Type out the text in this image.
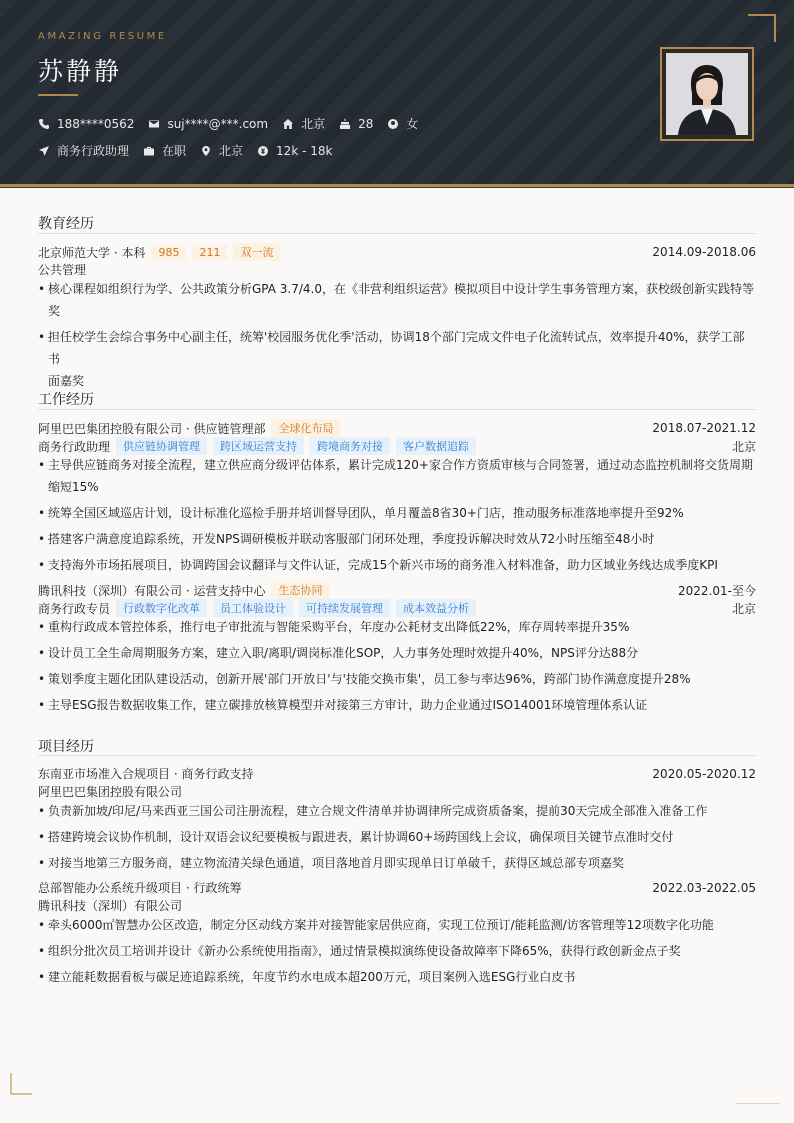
AMAZING RESUME
苏静静
188****0562	suj****@***.com	北京	28	女
商务行政助理	在职	北京	12k - 18k
教育经历
北京师范大学 · 本科	985	211	双一流	2014.09-2018.06
公共管理
• 核心课程如组织行为学、公共政策分析GPA 3.7/4.0，在《非营利组织运营》模拟项目中设计学生事务管理方案，获校级创新实践特等
奖
• 担任校学生会综合事务中心副主任，统筹'校园服务优化季'活动，协调18个部门完成文件电子化流转试点，效率提升40%，获学工部书
面嘉奖
工作经历
阿里巴巴集团控股有限公司 · 供应链管理部	全球化布局	2018.07-2021.12
商务行政助理	供应链协调管理	跨区域运营支持	跨境商务对接	客户数据追踪	北京
• 主导供应链商务对接全流程，建立供应商分级评估体系，累计完成120+家合作方资质审核与合同签署，通过动态监控机制将交货周期
缩短15%
• 统筹全国区域巡店计划，设计标准化巡检手册并培训督导团队，单月覆盖8省30+门店，推动服务标准落地率提升至92%
• 搭建客户满意度追踪系统，开发NPS调研模板并联动客服部门闭环处理，季度投诉解决时效从72小时压缩至48小时
• 支持海外市场拓展项目，协调跨国会议翻译与文件认证，完成15个新兴市场的商务准入材料准备，助力区域业务线达成季度KPI
腾讯科技（深圳）有限公司 · 运营支持中心	生态协同	2022.01-至今
商务行政专员	行政数字化改革	员工体验设计	可持续发展管理	成本效益分析	北京
• 重构行政成本管控体系，推行电子审批流与智能采购平台，年度办公耗材支出降低22%，库存周转率提升35%
• 设计员工全生命周期服务方案，建立入职/离职/调岗标准化SOP，人力事务处理时效提升40%，NPS评分达88分
• 策划季度主题化团队建设活动，创新开展'部门开放日'与'技能交换市集'，员工参与率达96%，跨部门协作满意度提升28%
• 主导ESG报告数据收集工作，建立碳排放核算模型并对接第三方审计，助力企业通过ISO14001环境管理体系认证
项目经历
东南亚市场准入合规项目 · 商务行政支持	2020.05-2020.12
阿里巴巴集团控股有限公司
• 负责新加坡/印尼/马来西亚三国公司注册流程，建立合规文件清单并协调律所完成资质备案，提前30天完成全部准入准备工作
• 搭建跨境会议协作机制，设计双语会议纪要模板与跟进表，累计协调60+场跨国线上会议，确保项目关键节点准时交付
• 对接当地第三方服务商，建立物流清关绿色通道，项目落地首月即实现单日订单破千，获得区域总部专项嘉奖
总部智能办公系统升级项目 · 行政统筹	2022.03-2022.05
腾讯科技（深圳）有限公司
• 牵头6000㎡智慧办公区改造，制定分区动线方案并对接智能家居供应商，实现工位预订/能耗监测/访客管理等12项数字化功能
• 组织分批次员工培训并设计《新办公系统使用指南》，通过情景模拟演练使设备故障率下降65%，获得行政创新金点子奖
• 建立能耗数据看板与碳足迹追踪系统，年度节约水电成本超200万元，项目案例入选ESG行业白皮书
